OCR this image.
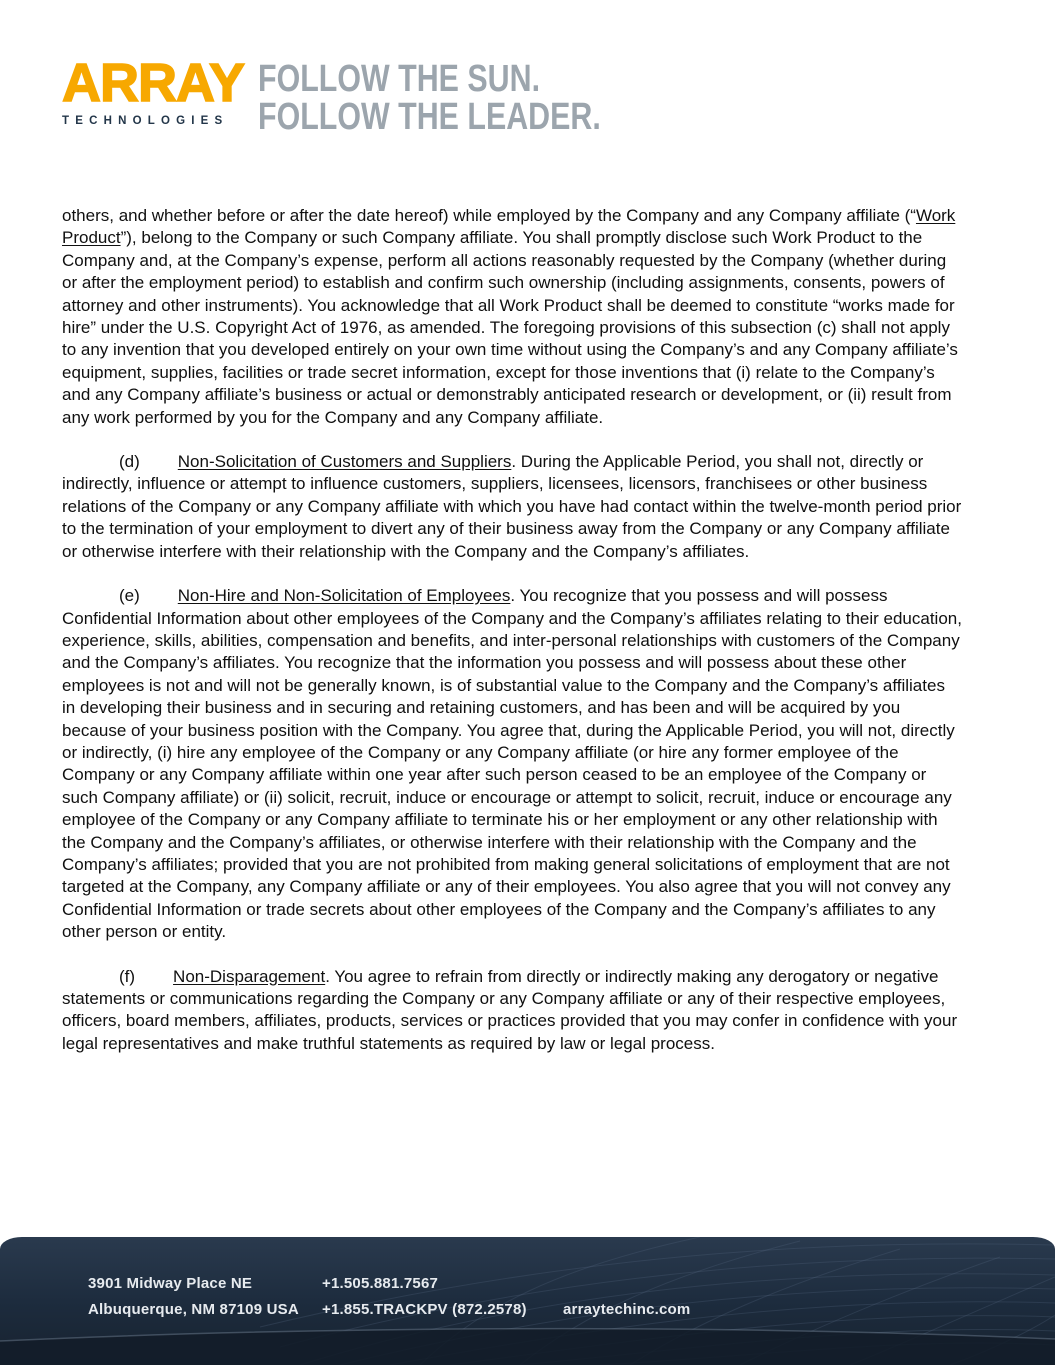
ARRAY
TECHNOLOGIES
FOLLOW THE SUN.
FOLLOW THE LEADER.

others, and whether before or after the date hereof) while employed by the Company and any Company affiliate (“Work Product”), belong to the Company or such Company affiliate. You shall promptly disclose such Work Product to the Company and, at the Company’s expense, perform all actions reasonably requested by the Company (whether during or after the employment period) to establish and confirm such ownership (including assignments, consents, powers of attorney and other instruments). You acknowledge that all Work Product shall be deemed to constitute “works made for hire” under the U.S. Copyright Act of 1976, as amended. The foregoing provisions of this subsection (c) shall not apply to any invention that you developed entirely on your own time without using the Company’s and any Company affiliate’s equipment, supplies, facilities or trade secret information, except for those inventions that (i) relate to the Company’s and any Company affiliate’s business or actual or demonstrably anticipated research or development, or (ii) result from any work performed by you for the Company and any Company affiliate.

(d) Non-Solicitation of Customers and Suppliers. During the Applicable Period, you shall not, directly or indirectly, influence or attempt to influence customers, suppliers, licensees, licensors, franchisees or other business relations of the Company or any Company affiliate with which you have had contact within the twelve-month period prior to the termination of your employment to divert any of their business away from the Company or any Company affiliate or otherwise interfere with their relationship with the Company and the Company’s affiliates.

(e) Non-Hire and Non-Solicitation of Employees. You recognize that you possess and will possess Confidential Information about other employees of the Company and the Company’s affiliates relating to their education, experience, skills, abilities, compensation and benefits, and inter-personal relationships with customers of the Company and the Company’s affiliates. You recognize that the information you possess and will possess about these other employees is not and will not be generally known, is of substantial value to the Company and the Company’s affiliates in developing their business and in securing and retaining customers, and has been and will be acquired by you because of your business position with the Company. You agree that, during the Applicable Period, you will not, directly or indirectly, (i) hire any employee of the Company or any Company affiliate (or hire any former employee of the Company or any Company affiliate within one year after such person ceased to be an employee of the Company or such Company affiliate) or (ii) solicit, recruit, induce or encourage or attempt to solicit, recruit, induce or encourage any employee of the Company or any Company affiliate to terminate his or her employment or any other relationship with the Company and the Company’s affiliates, or otherwise interfere with their relationship with the Company and the Company’s affiliates; provided that you are not prohibited from making general solicitations of employment that are not targeted at the Company, any Company affiliate or any of their employees. You also agree that you will not convey any Confidential Information or trade secrets about other employees of the Company and the Company’s affiliates to any other person or entity.

(f) Non-Disparagement. You agree to refrain from directly or indirectly making any derogatory or negative statements or communications regarding the Company or any Company affiliate or any of their respective employees, officers, board members, affiliates, products, services or practices provided that you may confer in confidence with your legal representatives and make truthful statements as required by law or legal process.

3901 Midway Place NE
Albuquerque, NM 87109 USA
+1.505.881.7567
+1.855.TRACKPV (872.2578) arraytechinc.com
